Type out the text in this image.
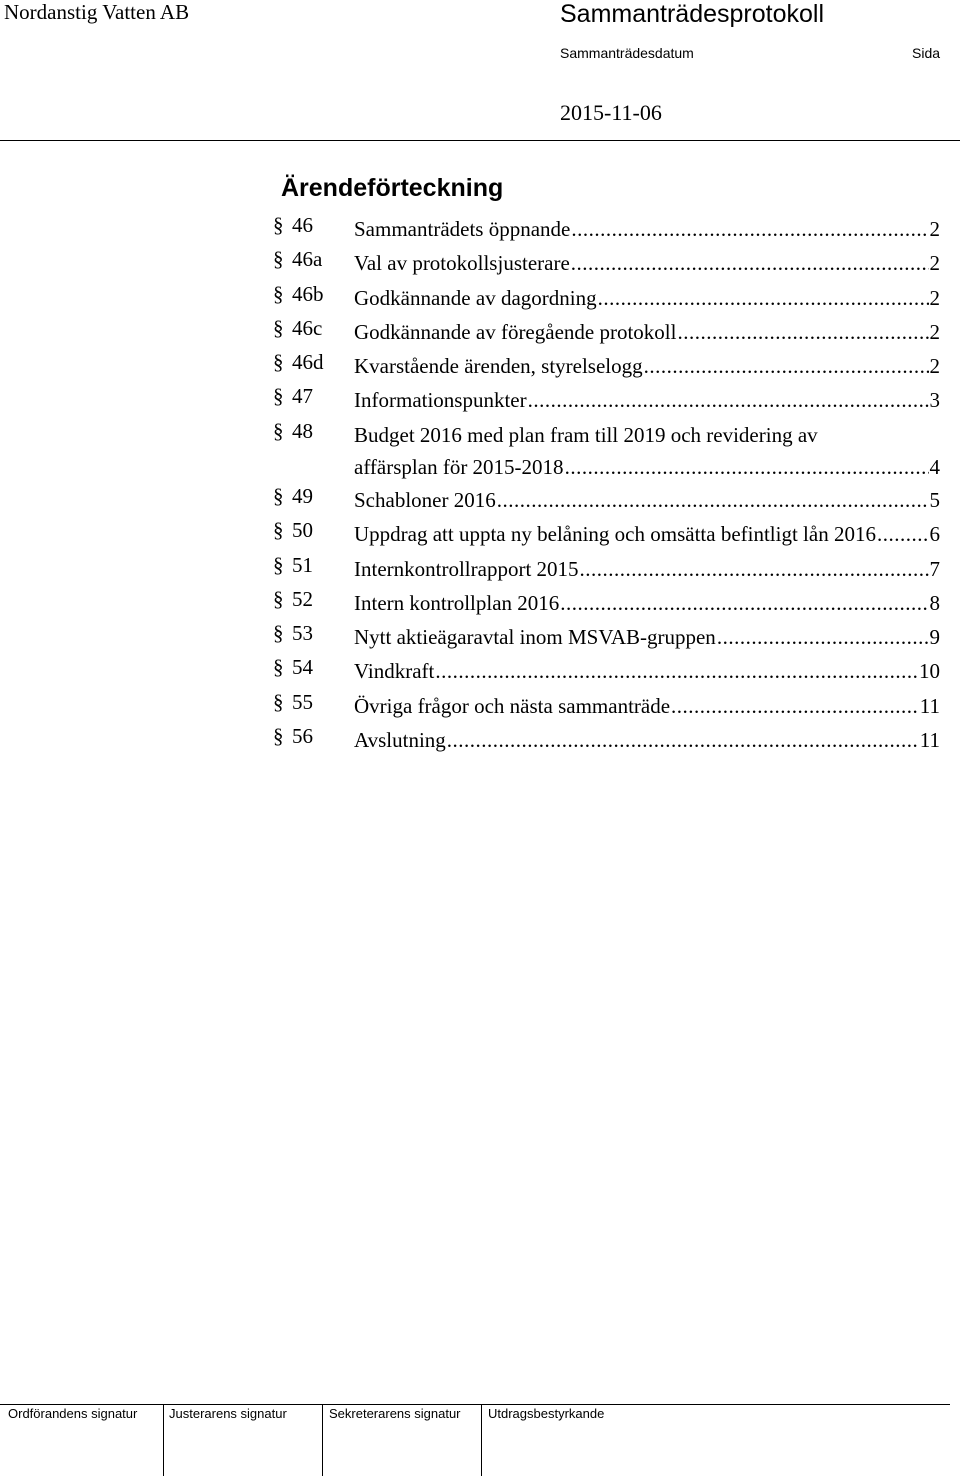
Nordanstig Vatten AB	Sammanträdesprotokoll
Sammanträdesdatum	Sida
2015-11-06
Ärendeförteckning
§ 46 Sammanträdets öppnande .....	2
§ 46a Val av protokollsjusterare .....	2
§ 46b Godkännande av dagordning .....	2
§ 46c Godkännande av föregående protokoll .....	2
§ 46d Kvarstående ärenden, styrelselogg .....	2
§ 47 Informationspunkter .....	3
§ 48 Budget 2016 med plan fram till 2019 och revidering av
affärsplan för 2015-2018 .....	4
§ 49 Schabloner 2016 .....	5
§ 50 Uppdrag att uppta ny belåning och omsätta befintligt lån 2016 .....	6
§ 51 Internkontrollrapport 2015 .....	7
§ 52 Intern kontrollplan 2016 .....	8
§ 53 Nytt aktieägaravtal inom MSVAB-gruppen .....	9
§ 54 Vindkraft .....	10
§ 55 Övriga frågor och nästa sammanträde .....	11
§ 56 Avslutning .....	11
Ordförandens signatur Justerarens signatur	Sekreterarens signatur Utdragsbestyrkande
